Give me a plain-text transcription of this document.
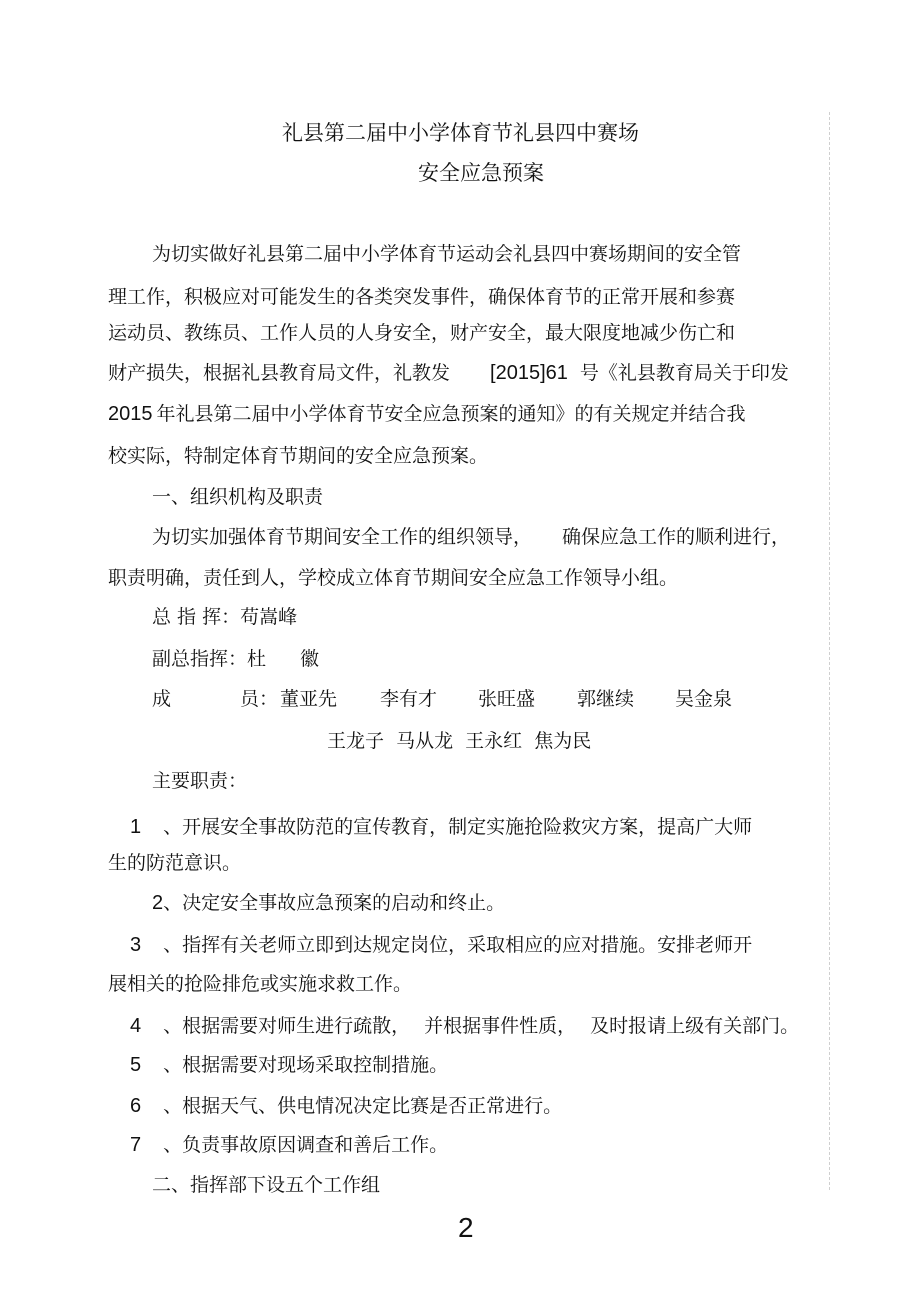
礼县第二届中小学体育节礼县四中赛场
安全应急预案
为切实做好礼县第二届中小学体育节运动会礼县四中赛场期间的安全管
理工作，积极应对可能发生的各类突发事件，确保体育节的正常开展和参赛
运动员、教练员、工作人员的人身安全，财产安全，最大限度地减少伤亡和
财产损失，根据礼县教育局文件，礼教发 [2015]61 号《礼县教育局关于印发
2015 年礼县第二届中小学体育节安全应急预案的通知》的有关规定并结合我
校实际，特制定体育节期间的安全应急预案。
一、组织机构及职责
为切实加强体育节期间安全工作的组织领导， 确保应急工作的顺利进行，
职责明确，责任到人，学校成立体育节期间安全应急工作领导小组。
总 指 挥：苟嵩峰
副总指挥：杜 徽
成	员： 董亚先 李有才 张旺盛 郭继续 吴金泉
王龙子  马从龙  王永红  焦为民
主要职责：
1 、开展安全事故防范的宣传教育，制定实施抢险救灾方案，提高广大师
生的防范意识。
2、决定安全事故应急预案的启动和终止。
3 、指挥有关老师立即到达规定岗位，采取相应的应对措施。安排老师开
展相关的抢险排危或实施求救工作。
4 、根据需要对师生进行疏散， 并根据事件性质， 及时报请上级有关部门。
5 、根据需要对现场采取控制措施。
6 、根据天气、供电情况决定比赛是否正常进行。
7 、负责事故原因调查和善后工作。
二、指挥部下设五个工作组
2
